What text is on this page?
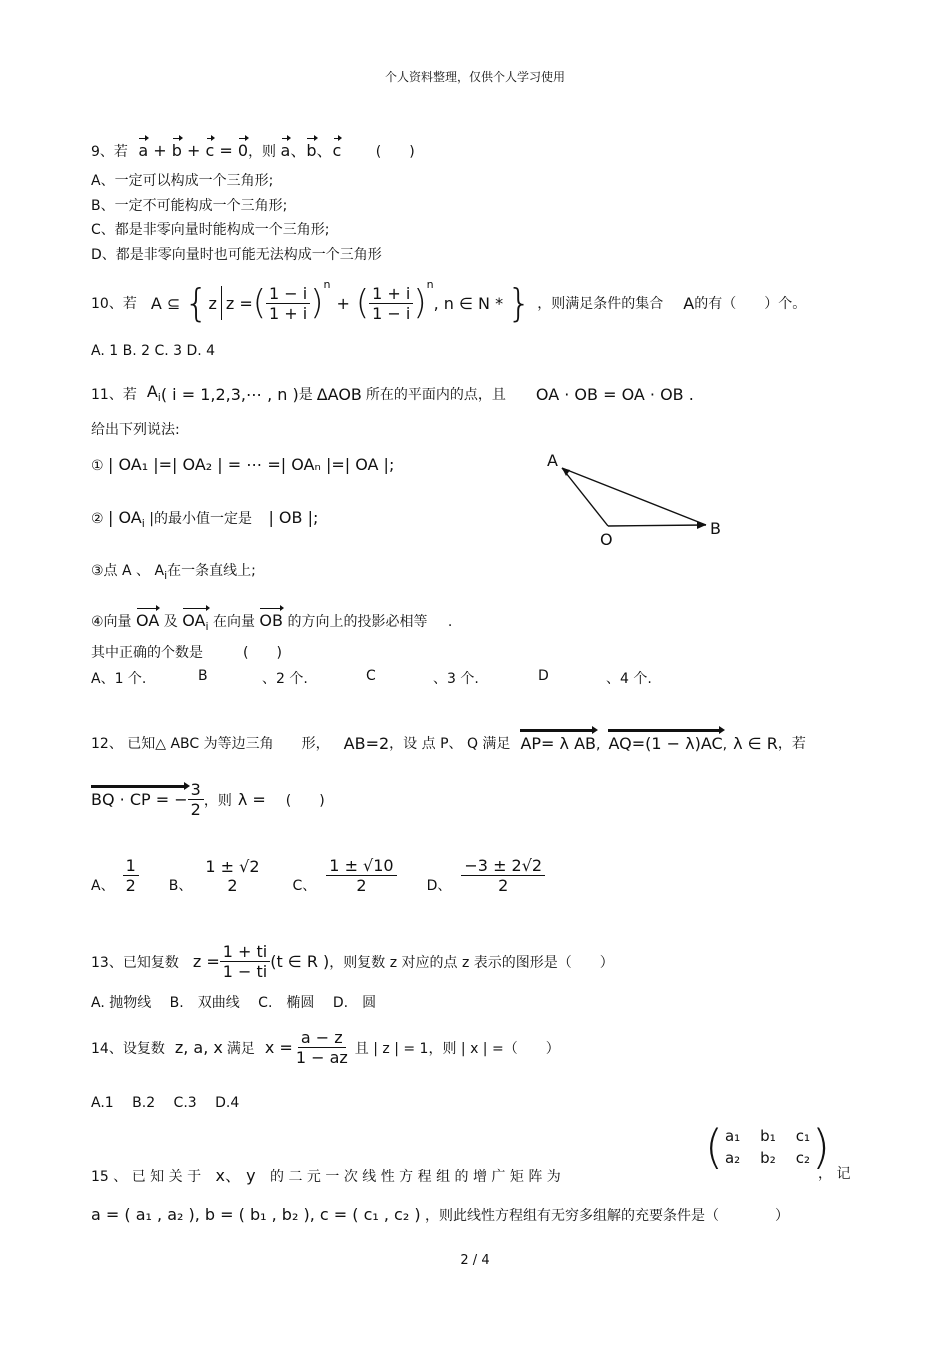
个人资料整理，仅供个人学习使用
9、若 a + b + c = 0，则 a、b、c (　　)
A、一定可以构成一个三角形;
B、一定不可能构成一个三角形;
C、都是非零向量时能构成一个三角形;
D、都是非零向量时也可能无法构成一个三角形
10、若 A ⊆ { z z = ( $\frac{1 - i}{1 + i} )^n$
+ ( $\frac{1 + i}{1 - i} )^n$
, n ∈ N * } ，则满足条件的集合 A 的有（　　）个。
A. 1 B. 2 C. 3 D. 4
11、若 $A_i$ ( i = 1,2,3,⋯ , n ) 是 ΔAOB 所在的平面内的点，且 OA · OB = OA · OB .
给出下列说法:
① | OA₁ |=| OA₂ | = ⋯ =| OAₙ |=| OA |;
② | $OA_i$ |的最小值一定是 | OB |;
③点 A 、 $A_i$在一条直线上;
④向量 OA 及 $OA_i$ 在向量 OB 的方向上的投影必相等 .
其中正确的个数是	(　　)
A、1 个.	B	、2 个.	C	、3 个.	D	、4 个.
A
O
B
12、 已知△ ABC 为等边三角　　形， AB=2 ，设 点 P、 Q 满足 AP= λ AB , AQ=(1 − λ)AC , λ ∈ R ，若
BQ · CP = − $\frac{3}{2}$ ，则 λ = (　　)
A、 $\frac{1}{2}$ B、
1 ± √2
2	C、 $\frac{1 \pm √10}{2}$ D、 $\frac{-3 \pm 2√2}{2}$
13、已知复数 $z = \frac{1 + ti}{1 - ti} (t$ ∈ R ) ，则复数 z 对应的点 z 表示的图形是（　　）
A. 抛物线　 B.　双曲线　 C.　椭圆　 D.　圆
14、设复数 z, a, x 满足 $x = \frac{a - z}{1 - az}$ 且 | z | = 1，则 | x | =（　　）
A.1　 B.2　 C.3　 D.4
15 、 已 知 关 于 x、 y 的 二 元 一 次 线 性 方 程 组 的 增 广 矩 阵 为
( a₁	b₁	c₁
a₂	b₂	c₂ )
， 记
a = ( a₁ , a₂ ), b = ( b₁ , b₂ ), c = ( c₁ , c₂ ) ，则此线性方程组有无穷多组解的充要条件是（　　　　）
2 / 4
